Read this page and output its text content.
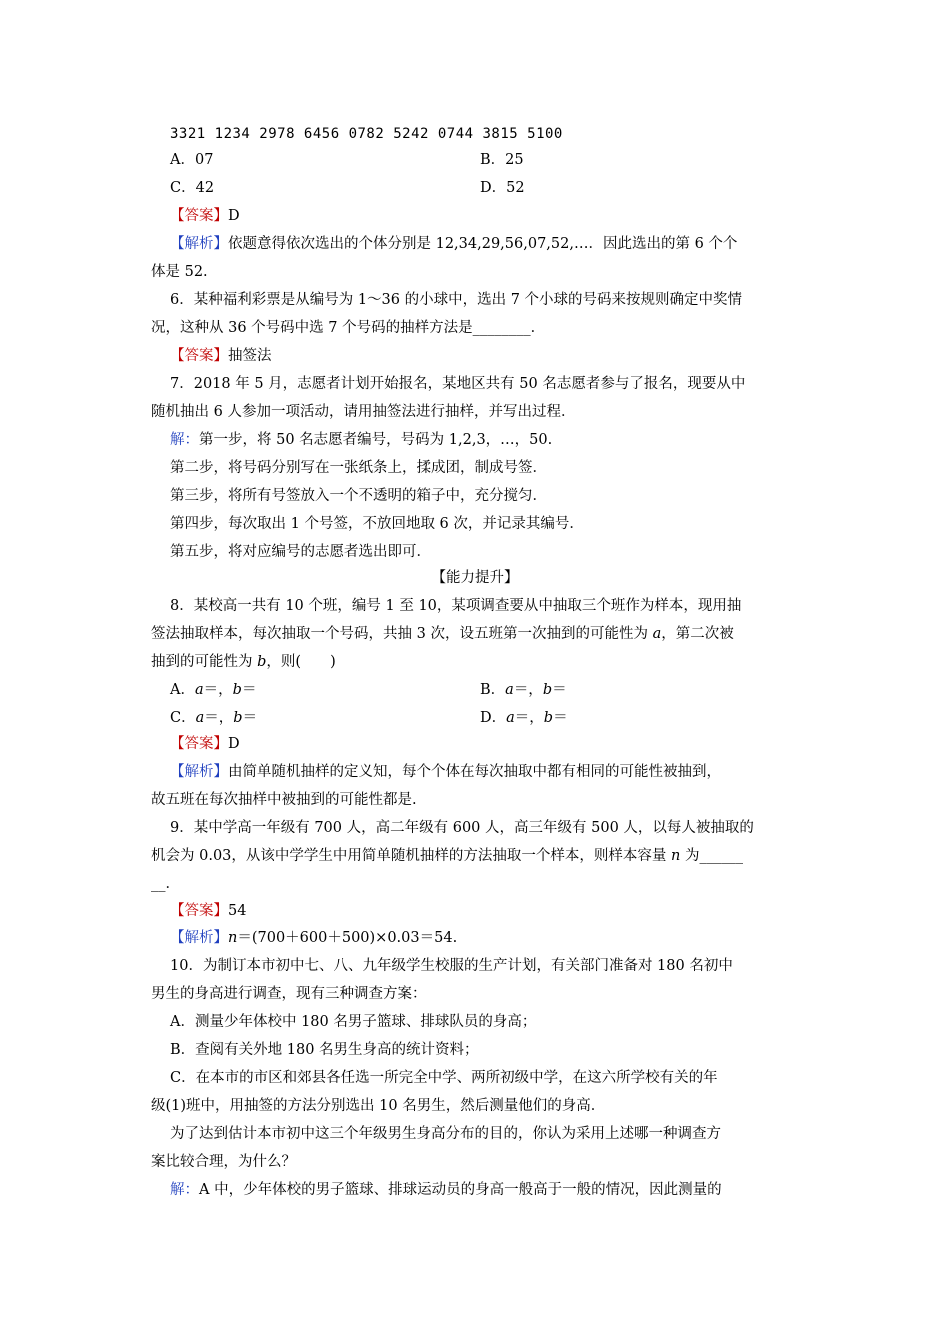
3321 1234 2978 6456 0782 5242 0744 3815 5100
A．07	B．25
C．42	D．52
【答案】D
【解析】依题意得依次选出的个体分别是 12,34,29,56,07,52,…．因此选出的第 6 个个
体是 52.
6．某种福利彩票是从编号为 1～36 的小球中，选出 7 个小球的号码来按规则确定中奖情
况，这种从 36 个号码中选 7 个号码的抽样方法是________．
【答案】抽签法
7．2018 年 5 月，志愿者计划开始报名，某地区共有 50 名志愿者参与了报名，现要从中
随机抽出 6 人参加一项活动，请用抽签法进行抽样，并写出过程．
解：第一步，将 50 名志愿者编号，号码为 1,2,3，…，50.
第二步，将号码分别写在一张纸条上，揉成团，制成号签．
第三步，将所有号签放入一个不透明的箱子中，充分搅匀．
第四步，每次取出 1 个号签，不放回地取 6 次，并记录其编号．
第五步，将对应编号的志愿者选出即可．
【能力提升】
8．某校高一共有 10 个班，编号 1 至 10，某项调查要从中抽取三个班作为样本，现用抽
签法抽取样本，每次抽取一个号码，共抽 3 次，设五班第一次抽到的可能性为 a，第二次被
抽到的可能性为 b，则(　　)
A．a＝，b＝	B．a＝，b＝
C．a＝，b＝	D．a＝，b＝
【答案】D
【解析】由简单随机抽样的定义知，每个个体在每次抽取中都有相同的可能性被抽到，
故五班在每次抽样中被抽到的可能性都是.
9．某中学高一年级有 700 人，高二年级有 600 人，高三年级有 500 人，以每人被抽取的
机会为 0.03，从该中学学生中用简单随机抽样的方法抽取一个样本，则样本容量 n 为______
__．
【答案】54
【解析】n＝(700＋600＋500)×0.03＝54.
10．为制订本市初中七、八、九年级学生校服的生产计划，有关部门准备对 180 名初中
男生的身高进行调查，现有三种调查方案：
A．测量少年体校中 180 名男子篮球、排球队员的身高；
B．查阅有关外地 180 名男生身高的统计资料；
C．在本市的市区和郊县各任选一所完全中学、两所初级中学，在这六所学校有关的年
级(1)班中，用抽签的方法分别选出 10 名男生，然后测量他们的身高．
为了达到估计本市初中这三个年级男生身高分布的目的，你认为采用上述哪一种调查方
案比较合理，为什么？
解：A 中，少年体校的男子篮球、排球运动员的身高一般高于一般的情况，因此测量的
